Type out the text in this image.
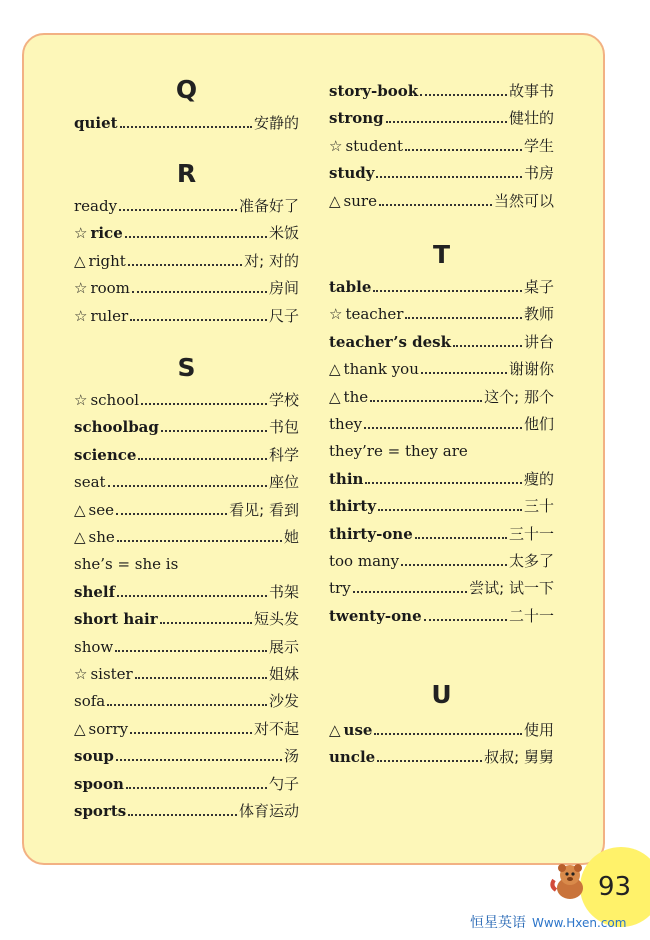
Q
quiet	安静的
R
ready	准备好了
☆ rice	米饭
△ right	对; 对的
☆ room	房间
☆ ruler	尺子
S
☆ school	学校
schoolbag	书包
science	科学
seat	座位
△ see	看见; 看到
△ she	她
she’s = she is
shelf	书架
short hair	短头发
show	展示
☆ sister	姐妹
sofa	沙发
△ sorry	对不起
soup	汤
spoon	勺子
sports	体育运动
story-book	故事书
strong	健壮的
☆ student	学生
study	书房
△ sure	当然可以
T
table	桌子
☆ teacher	教师
teacher’s desk	讲台
△ thank you	谢谢你
△ the	这个; 那个
they	他们
they’re = they are
thin	瘦的
thirty	三十
thirty-one	三十一
too many	太多了
try	尝试; 试一下
twenty-one	二十一
U
△ use	使用
uncle	叔叔; 舅舅
93
恒星英语 Www.Hxen.com
